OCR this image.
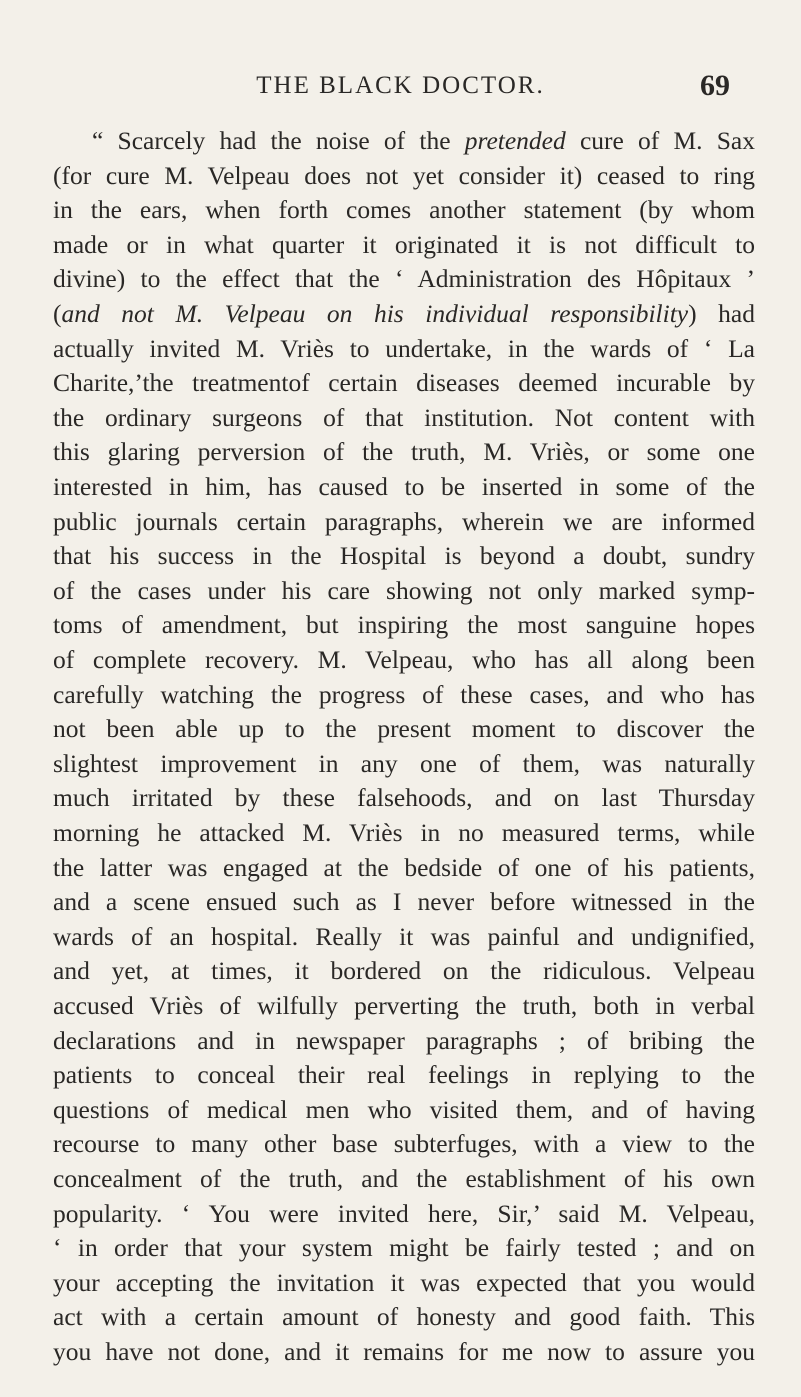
THE BLACK DOCTOR.	69
“ Scarcely had the noise of the pretended cure of M. Sax
(for cure M. Velpeau does not yet consider it) ceased to ring
in the ears, when forth comes another statement (by whom
made or in what quarter it originated it is not difficult to
divine) to the effect that the ‘ Administration des Hôpitaux ’
(and not M. Velpeau on his individual responsibility) had
actually invited M. Vriès to undertake, in the wards of ‘ La
Charite,’the treatmentof certain diseases deemed incurable by
the ordinary surgeons of that institution. Not content with
this glaring perversion of the truth, M. Vriès, or some one
interested in him, has caused to be inserted in some of the
public journals certain paragraphs, wherein we are informed
that his success in the Hospital is beyond a doubt, sundry
of the cases under his care showing not only marked symp-
toms of amendment, but inspiring the most sanguine hopes
of complete recovery. M. Velpeau, who has all along been
carefully watching the progress of these cases, and who has
not been able up to the present moment to discover the
slightest improvement in any one of them, was naturally
much irritated by these falsehoods, and on last Thursday
morning he attacked M. Vriès in no measured terms, while
the latter was engaged at the bedside of one of his patients,
and a scene ensued such as I never before witnessed in the
wards of an hospital. Really it was painful and undignified,
and yet, at times, it bordered on the ridiculous. Velpeau
accused Vriès of wilfully perverting the truth, both in verbal
declarations and in newspaper paragraphs ; of bribing the
patients to conceal their real feelings in replying to the
questions of medical men who visited them, and of having
recourse to many other base subterfuges, with a view to the
concealment of the truth, and the establishment of his own
popularity. ‘ You were invited here, Sir,’ said M. Velpeau,
‘ in order that your system might be fairly tested ; and on
your accepting the invitation it was expected that you would
act with a certain amount of honesty and good faith. This
you have not done, and it remains for me now to assure you
